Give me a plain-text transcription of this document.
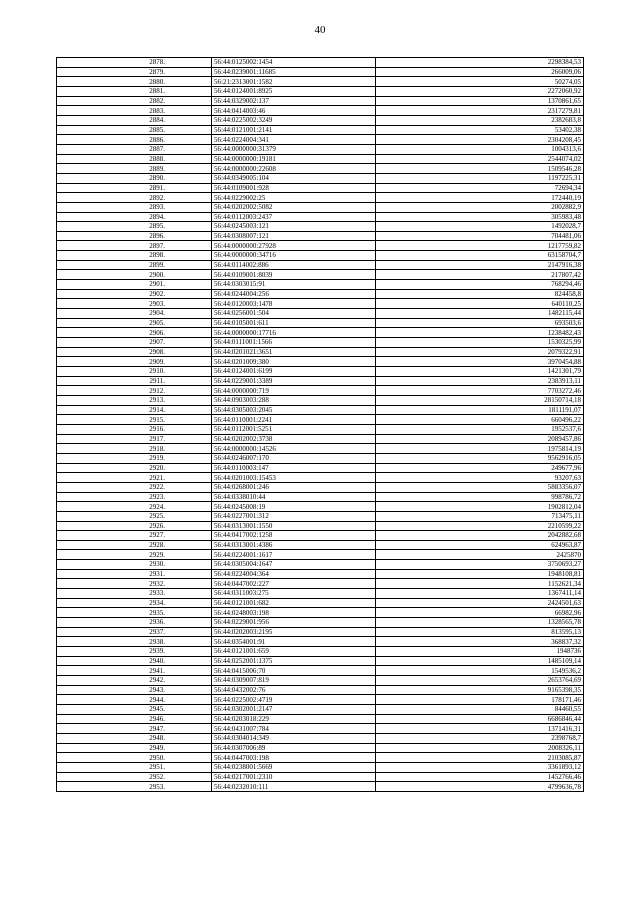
40
2878.	56:44:0125002:1454	2298384,53
2879.	56:44:0239001:11685	266009,06
2880.	56:21:2313001:1582	50274,05
2881.	56:44:0124001:8925	2272060,92
2882.	56:44:0329002:137	1370861,65
2883.	56:44:0414003:46	2317279,81
2884.	56:44:0225002:3249	2382683,8
2885.	56:44:0121001:2141	53402,38
2886.	56:44:0224004:341	2304208,45
2887.	56:44:0000000:31379	1004313,6
2888.	56:44:0000000:19181	2544074,02
2889.	56:44:0000000:22608	1509546,28
2890.	56:44:0349005:104	1197225,31
2891.	56:44:0109001:928	72694,34
2892.	56:44:0229002:25	172440,19
2893.	56:44:0202002:5082	2002882,9
2894.	56:44:0112003:2437	305983,48
2895.	56:44:0245003:121	1492028,7
2896.	56:44:0308007:121	704481,06
2897.	56:44:0000000:27928	1217759,82
2898.	56:44:0000000:34716	63158704,7
2899.	56:44:0114002:886	2147916,38
2900.	56:44:0109001:8039	217807,42
2901.	56:44:0303015:91	768294,46
2902.	56:44:0244004:256	824458,8
2903.	56:44:0120003:1478	640110,25
2904.	56:44:0256001:504	1482115,44
2905.	56:44:0105001:611	693503,6
2906.	56:44:0000000:17716	1238482,43
2907.	56:44:0111001:1566	1530325,99
2908.	56:44:0201021:3651	2079322,91
2909.	56:44:0201009:380	3970454,88
2910.	56:44:0124001:6199	1421301,79
2911.	56:44:0229001:3389	2383913,11
2912.	56:44:0000000:719	7703272,46
2913.	56:44:0903003:288	28150714,18
2914.	56:44:0305003:2045	1811191,07
2915.	56:44:0110001:2241	660496,22
2916.	56:44:0112001:5251	1952537,6
2917.	56:44:0202002:3738	2089457,86
2918.	56:44:0000000:14526	1975814,19
2919.	56:44:0246007:170	9562916,05
2920.	56:44:0110003:147	249677,96
2921.	56:44:0201003:15453	93207,63
2922.	56:44:0268001:246	5883356,07
2923.	56:44:0338010:44	998786,72
2924.	56:44:0245008:19	1902812,04
2925.	56:44:0227001:312	713475,11
2926.	56:44:0313001:1550	2210599,22
2927.	56:44:0417002:1258	2042882,68
2928.	56:44:0313001:4386	624963,87
2929.	56:44:0224001:1617	2425870
2930.	56:44:0305004:1647	3750693,27
2931.	56:44:0224004:364	1948108,81
2932.	56:44:0447002:227	1152621,34
2933.	56:44:0311003:275	1367411,14
2934.	56:44:0121001:682	2424501,63
2935.	56:44:0248003:198	66982,96
2936.	56:44:0229001:956	1328565,78
2937.	56:44:0202003:2195	813595,13
2938.	56:44:0354001:91	368837,32
2939.	56:44:0121001:659	1948736
2940.	56:44:0252001:1375	1485109,14
2941.	56:44:0415006:70	1549536,2
2942.	56:44:0309007:819	2653764,69
2943.	56:44:0432002:76	9165398,35
2944.	56:44:0225002:4719	178171,46
2945.	56:44:0302001:2147	84460,55
2946.	56:44:0203018:229	6686846,44
2947.	56:44:0431007:784	1371416,31
2948.	56:44:0304014:349	2398768,7
2949.	56:44:0307006:89	2008326,11
2950.	56:44:0447003:198	2103085,87
2951.	56:44:0238001:5669	3361893,12
2952.	56:44:0217001:2310	1452766,46
2953.	56:44:0232010:111	4799636,78
